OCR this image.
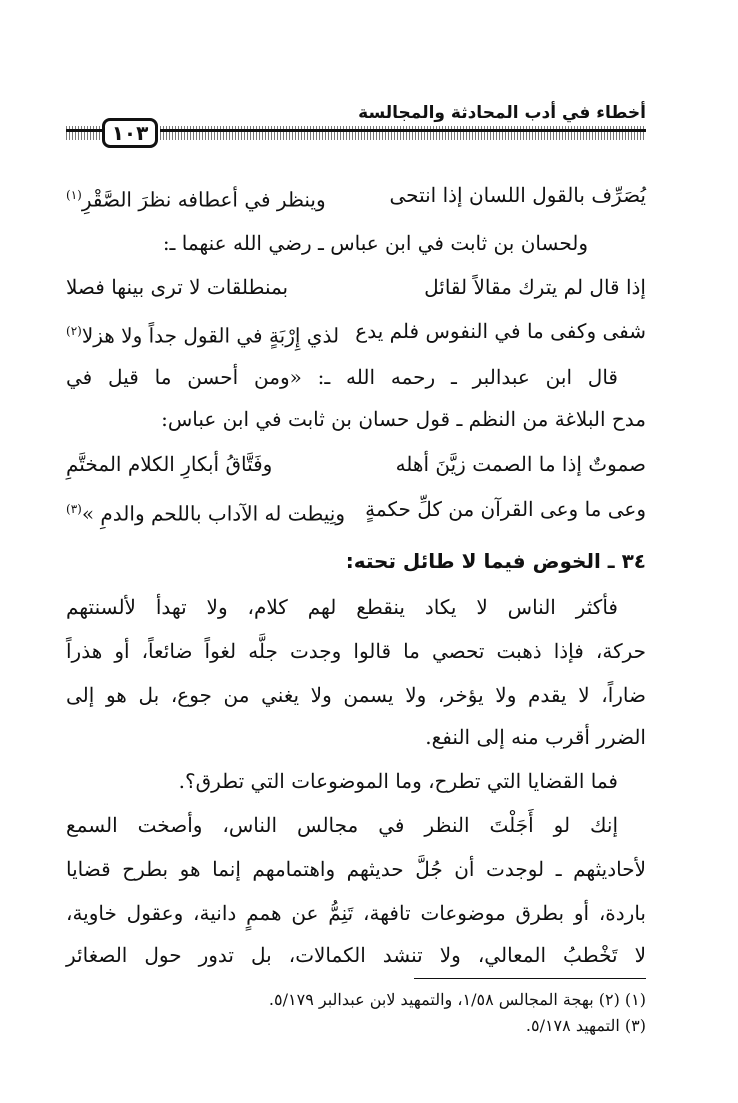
أخطاء في أدب المحادثة والمجالسة
١٠٣
يُصَرِّف بالقول اللسان إذا انتحى
وينظر في أعطافه نظرَ الصَّقْرِ$^{(١)}$
ولحسان بن ثابت في ابن عباس ـ رضي الله عنهما ـ:
إذا قال لم يترك مقالاً لقائل
بمنطلقات لا ترى بينها فصلا
شفى وكفى ما في النفوس فلم يدع
لذي إِرْبَةٍ في القول جداً ولا هزلا$^{(٢)}$
قال ابن عبدالبر ـ رحمه الله ـ: «ومن أحسن ما قيل في
مدح البلاغة من النظم ـ قول حسان بن ثابت في ابن عباس:
صموتٌ إذا ما الصمت زيَّنَ أهله
وفَتَّاقُ أبكارِ الكلام المختَّمِ
وعى ما وعى القرآن من كلِّ حكمةٍ
ونِيطت له الآداب باللحم والدمِ »$^{(٣)}$
٣٤ ـ الخوض فيما لا طائل تحته:
فأكثر الناس لا يكاد ينقطع لهم كلام، ولا تهدأ لألسنتهم
حركة، فإذا ذهبت تحصي ما قالوا وجدت جلَّه لغواً ضائعاً، أو هذراً
ضاراً، لا يقدم ولا يؤخر، ولا يسمن ولا يغني من جوع، بل هو إلى
الضرر أقرب منه إلى النفع.
فما القضايا التي تطرح، وما الموضوعات التي تطرق؟.
إنك لو أَجَلْتَ النظر في مجالس الناس، وأصخت السمع
لأحاديثهم ـ لوجدت أن جُلَّ حديثهم واهتمامهم إنما هو بطرح قضايا
باردة، أو بطرق موضوعات تافهة، تَنِمُّ عن هممٍ دانية، وعقول خاوية،
لا تَخْطبُ المعالي، ولا تنشد الكمالات، بل تدور حول الصغائر
(١) (٢) بهجة المجالس ١/٥٨، والتمهيد لابن عبدالبر ٥/١٧٩.
(٣) التمهيد ٥/١٧٨.
